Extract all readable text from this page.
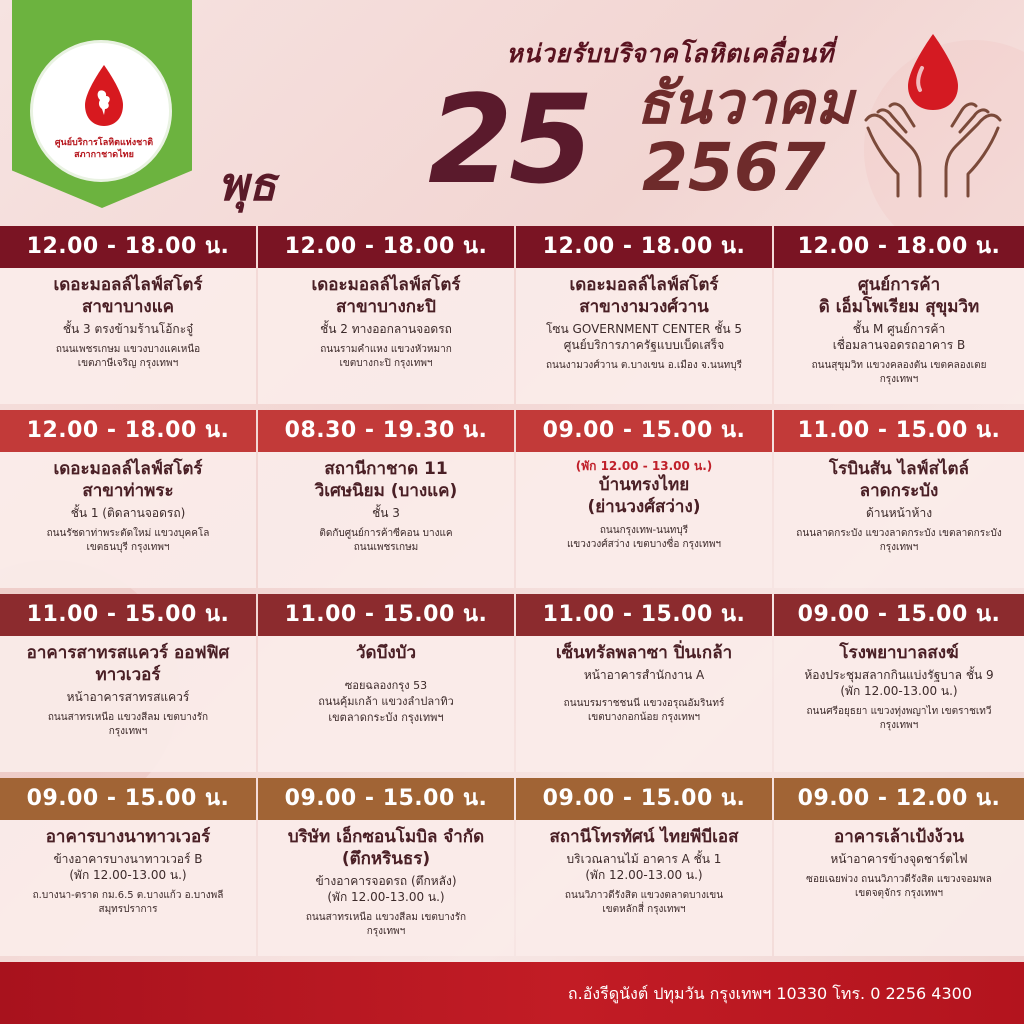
ศูนย์บริการโลหิตแห่งชาติ
สภากาชาดไทย
หน่วยรับบริจาคโลหิตเคลื่อนที่
พุธ 25 ธันวาคม
2567
12.00 - 18.00 น.
เดอะมอลล์ไลฟ์สโตร์
สาขาบางแค
ชั้น 3 ตรงข้ามร้านโอ้กะจู๋
ถนนเพชรเกษม แขวงบางแคเหนือ
เขตภาษีเจริญ กรุงเทพฯ
12.00 - 18.00 น.
เดอะมอลล์ไลฟ์สโตร์
สาขาบางกะปิ
ชั้น 2 ทางออกลานจอดรถ
ถนนรามคำแหง แขวงหัวหมาก
เขตบางกะปิ กรุงเทพฯ
12.00 - 18.00 น.
เดอะมอลล์ไลฟ์สโตร์
สาขางามวงศ์วาน
โซน GOVERNMENT CENTER ชั้น 5
ศูนย์บริการภาครัฐแบบเบ็ดเสร็จ
ถนนงามวงศ์วาน ต.บางเขน อ.เมือง จ.นนทบุรี
12.00 - 18.00 น.
ศูนย์การค้า
ดิ เอ็มโพเรียม สุขุมวิท
ชั้น M ศูนย์การค้า
เชื่อมลานจอดรถอาคาร B
ถนนสุขุมวิท แขวงคลองตัน เขตคลองเตย
กรุงเทพฯ
12.00 - 18.00 น.
เดอะมอลล์ไลฟ์สโตร์
สาขาท่าพระ
ชั้น 1 (ติดลานจอดรถ)
ถนนรัชดาท่าพระตัดใหม่ แขวงบุคคโล
เขตธนบุรี กรุงเทพฯ
08.30 - 19.30 น.
สถานีกาชาด 11
วิเศษนิยม (บางแค)
ชั้น 3
ติดกับศูนย์การค้าซีคอน บางแค
ถนนเพชรเกษม
09.00 - 15.00 น.
(พัก 12.00 - 13.00 น.)
บ้านทรงไทย
(ย่านวงศ์สว่าง)
ถนนกรุงเทพ-นนทบุรี
แขวงวงศ์สว่าง เขตบางซื่อ กรุงเทพฯ
11.00 - 15.00 น.
โรบินสัน ไลฟ์สไตล์
ลาดกระบัง
ด้านหน้าห้าง
ถนนลาดกระบัง แขวงลาดกระบัง เขตลาดกระบัง
กรุงเทพฯ
11.00 - 15.00 น.
อาคารสาทรสแควร์ ออฟฟิศ
ทาวเวอร์
หน้าอาคารสาทรสแควร์
ถนนสาทรเหนือ แขวงสีลม เขตบางรัก
กรุงเทพฯ
11.00 - 15.00 น.
วัดบึงบัว
ซอยฉลองกรุง 53
ถนนคุ้มเกล้า แขวงลำปลาทิว
เขตลาดกระบัง กรุงเทพฯ
11.00 - 15.00 น.
เซ็นทรัลพลาซา ปิ่นเกล้า
หน้าอาคารสำนักงาน A
ถนนบรมราชชนนี แขวงอรุณอัมรินทร์
เขตบางกอกน้อย กรุงเทพฯ
09.00 - 15.00 น.
โรงพยาบาลสงฆ์
ห้องประชุมสลากกินแบ่งรัฐบาล ชั้น 9
(พัก 12.00-13.00 น.)
ถนนศรีอยุธยา แขวงทุ่งพญาไท เขตราชเทวี
กรุงเทพฯ
09.00 - 15.00 น.
อาคารบางนาทาวเวอร์
ข้างอาคารบางนาทาวเวอร์ B
(พัก 12.00-13.00 น.)
ถ.บางนา-ตราด กม.6.5 ต.บางแก้ว อ.บางพลี
สมุทรปราการ
09.00 - 15.00 น.
บริษัท เอ็กซอนโมบิล จำกัด
(ตึกหรินธร)
ข้างอาคารจอดรถ (ตึกหลัง)
(พัก 12.00-13.00 น.)
ถนนสาทรเหนือ แขวงสีลม เขตบางรัก
กรุงเทพฯ
09.00 - 15.00 น.
สถานีโทรทัศน์ ไทยพีบีเอส
บริเวณลานไม้ อาคาร A ชั้น 1
(พัก 12.00-13.00 น.)
ถนนวิภาวดีรังสิต แขวงตลาดบางเขน
เขตหลักสี่ กรุงเทพฯ
09.00 - 12.00 น.
อาคารเล้าเป้งง้วน
หน้าอาคารข้างจุดชาร์ตไฟ
ซอยเฉยพ่วง ถนนวิภาวดีรังสิต แขวงจอมพล
เขตจตุจักร กรุงเทพฯ
ถ.อังรีดูนังต์ ปทุมวัน กรุงเทพฯ 10330 โทร. 0 2256 4300
